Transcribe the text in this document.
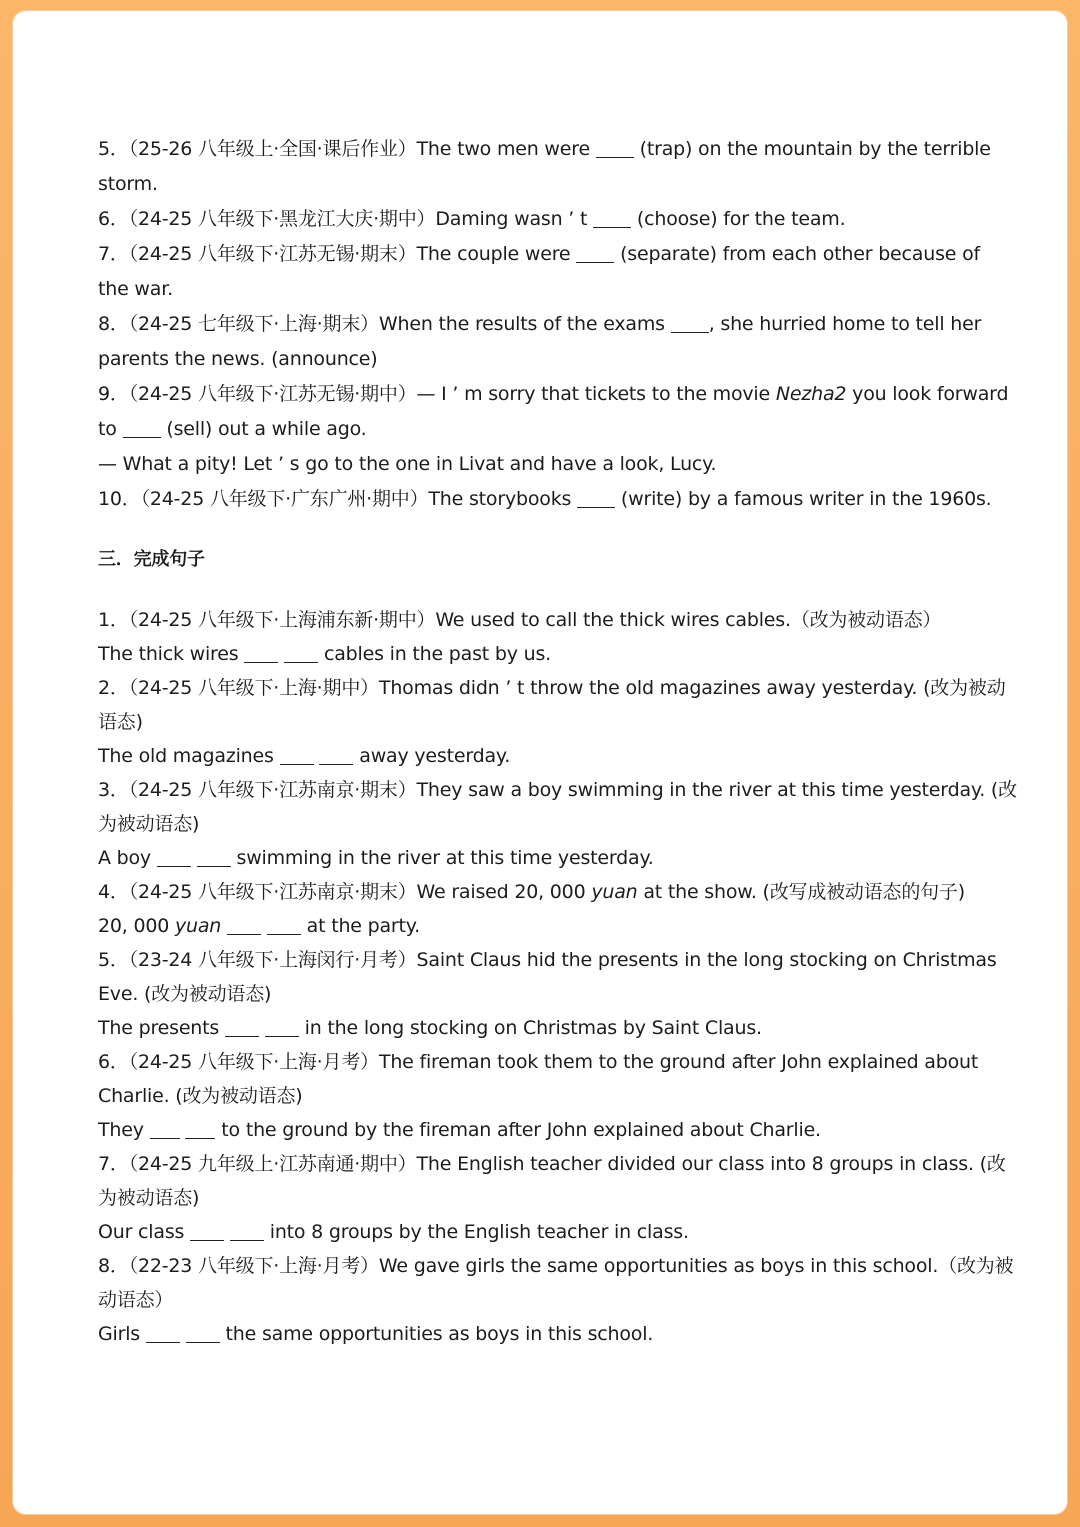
5．（25-26 八年级上·全国·课后作业）The two men were  (trap) on the mountain by the terrible
storm.
6．（24-25 八年级下·黑龙江大庆·期中）Daming wasn ’ t  (choose) for the team.
7．（24-25 八年级下·江苏无锡·期末）The couple were  (separate) from each other because of
the war.
8．（24-25 七年级下·上海·期末）When the results of the exams , she hurried home to tell her
parents the news. (announce)
9．（24-25 八年级下·江苏无锡·期中）— I ’ m sorry that tickets to the movie Nezha2 you look forward
to  (sell) out a while ago.
— What a pity! Let ’ s go to the one in Livat and have a look, Lucy.
10．（24-25 八年级下·广东广州·期中）The storybooks  (write) by a famous writer in the 1960s.
三．完成句子
1．（24-25 八年级下·上海浦东新·期中）We used to call the thick wires cables.（改为被动语态）
The thick wires	cables in the past by us.
2．（24-25 八年级下·上海·期中）Thomas didn ’ t throw the old magazines away yesterday. (改为被动
语态)
The old magazines	away yesterday.
3．（24-25 八年级下·江苏南京·期末）They saw a boy swimming in the river at this time yesterday. (改
为被动语态)
A boy	swimming in the river at this time yesterday.
4．（24-25 八年级下·江苏南京·期末）We raised 20, 000 yuan at the show. (改写成被动语态的句子)
20, 000 yuan	at the party.
5．（23-24 八年级下·上海闵行·月考）Saint Claus hid the presents in the long stocking on Christmas
Eve. (改为被动语态)
The presents	in the long stocking on Christmas by Saint Claus.
6．（24-25 八年级下·上海·月考）The fireman took them to the ground after John explained about
Charlie. (改为被动语态)
They	to the ground by the fireman after John explained about Charlie.
7．（24-25 九年级上·江苏南通·期中）The English teacher divided our class into 8 groups in class. (改
为被动语态)
Our class	into 8 groups by the English teacher in class.
8．（22-23 八年级下·上海·月考）We gave girls the same opportunities as boys in this school.（改为被
动语态）
Girls	the same opportunities as boys in this school.
